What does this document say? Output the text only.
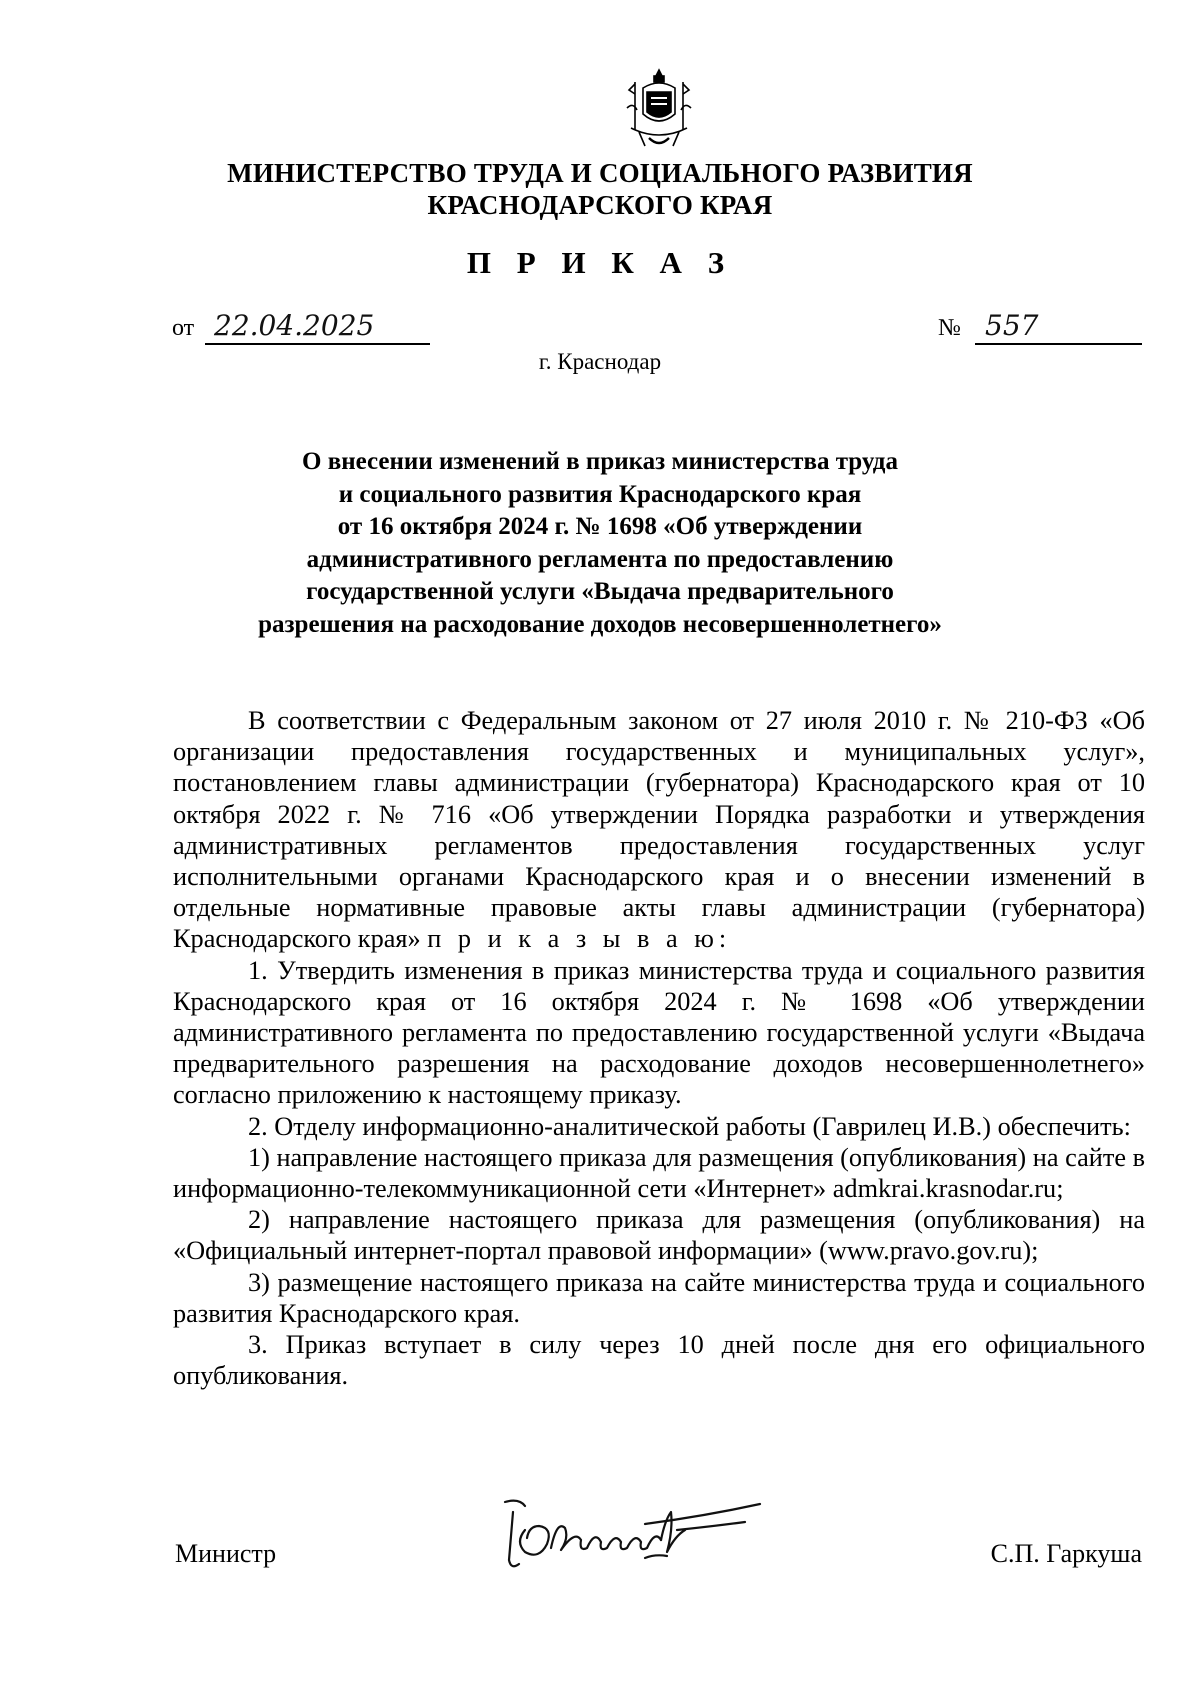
МИНИСТЕРСТВО ТРУДА И СОЦИАЛЬНОГО РАЗВИТИЯ
КРАСНОДАРСКОГО КРАЯ
П Р И К А З
от 22.04.2025	№ 557
г. Краснодар
О внесении изменений в приказ министерства труда
и социального развития Краснодарского края
от 16 октября 2024 г. № 1698 «Об утверждении
административного регламента по предоставлению
государственной услуги «Выдача предварительного
разрешения на расходование доходов несовершеннолетнего»

В соответствии с Федеральным законом от 27 июля 2010 г. № 210-ФЗ «Об организации предоставления государственных и муниципальных услуг», постановлением главы администрации (губернатора) Краснодарского края от 10 октября 2022 г. № 716 «Об утверждении Порядка разработки и утверждения административных регламентов предоставления государственных услуг исполнительными органами Краснодарского края и о внесении изменений в отдельные нормативные правовые акты главы администрации (губернатора) Краснодарского края» п р и к а з ы в а ю:

1. Утвердить изменения в приказ министерства труда и социального развития Краснодарского края от 16 октября 2024 г. № 1698 «Об утверждении административного регламента по предоставлению государственной услуги «Выдача предварительного разрешения на расходование доходов несовершеннолетнего» согласно приложению к настоящему приказу.

2. Отделу информационно-аналитической работы (Гаврилец И.В.) обеспечить:

1) направление настоящего приказа для размещения (опубликования) на сайте в информационно-телекоммуникационной сети «Интернет» admkrai.krasnodar.ru;

2) направление настоящего приказа для размещения (опубликования) на «Официальный интернет-портал правовой информации» (www.pravo.gov.ru);

3) размещение настоящего приказа на сайте министерства труда и социального развития Краснодарского края.

3. Приказ вступает в силу через 10 дней после дня его официального опубликования.

Министр	С.П. Гаркуша
